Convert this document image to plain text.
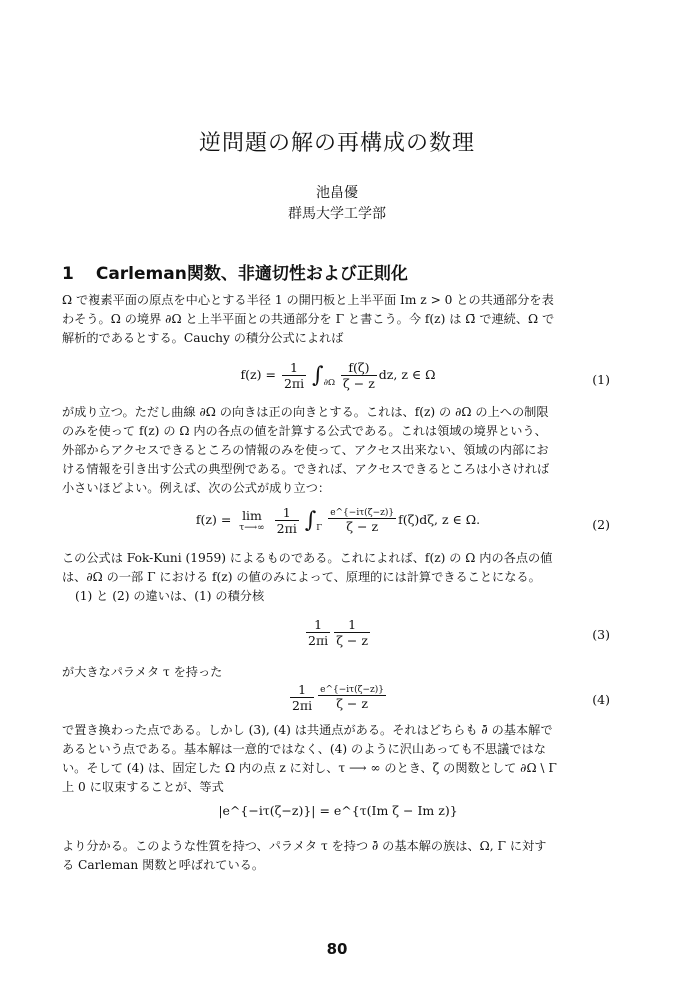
逆問題の解の再構成の数理
池畠優
群馬大学工学部
1 Carleman関数、非適切性および正則化
Ω で複素平面の原点を中心とする半径 1 の開円板と上半平面 Im z > 0 との共通部分を表
わそう。Ω の境界 ∂Ω と上半平面との共通部分を Γ と書こう。今 f(z) は Ω̄ で連続、Ω で
解析的であるとする。Cauchy の積分公式によれば
$f(z) = \frac{1}{2\pi i} \int_{\partial\Omega} \frac{f(\zeta)}{\zeta - z}$ dz, z ∈ Ω	(1)
が成り立つ。ただし曲線 ∂Ω の向きは正の向きとする。これは、f(z) の ∂Ω の上への制限
のみを使って f(z) の Ω 内の各点の値を計算する公式である。これは領域の境界という、
外部からアクセスできるところの情報のみを使って、アクセス出来ない、領域の内部にお
ける情報を引き出す公式の典型例である。できれば、アクセスできるところは小さければ
小さいほどよい。例えば、次の公式が成り立つ：
f(z) = lim
τ⟶∞
$\frac{1}{2\pi i} \int_\Gamma \frac{e\^{}\{-i\tau(\zeta-z)\}}{\zeta - z} f(\zeta)d\zeta$, z ∈ Ω.	(2)
この公式は Fok-Kuni (1959) によるものである。これによれば、f(z) の Ω 内の各点の値
は、∂Ω の一部 Γ における f(z) の値のみによって、原理的には計算できることになる。
(1) と (2) の違いは、(1) の積分核
$\frac{1}{2\pi i} \frac{1}{\zeta - z}$	(3)
が大きなパラメタ τ を持った
$\frac{1}{2\pi i} \frac{e\^{}\{-i\tau(\zeta-z)\}}{\zeta - z}$	(4)
で置き換わった点である。しかし (3), (4) は共通点がある。それはどちらも ∂̄ の基本解で
あるという点である。基本解は一意的ではなく、(4) のように沢山あっても不思議ではな
い。そして (4) は、固定した Ω 内の点 z に対し、τ ⟶ ∞ のとき、ζ の関数として ∂Ω \ Γ
上 0 に収束することが、等式
|e^{−iτ(ζ−z)}| = e^{τ(Im ζ − Im z)}
より分かる。このような性質を持つ、パラメタ τ を持つ ∂̄ の基本解の族は、Ω, Γ に対す
る Carleman 関数と呼ばれている。
80
